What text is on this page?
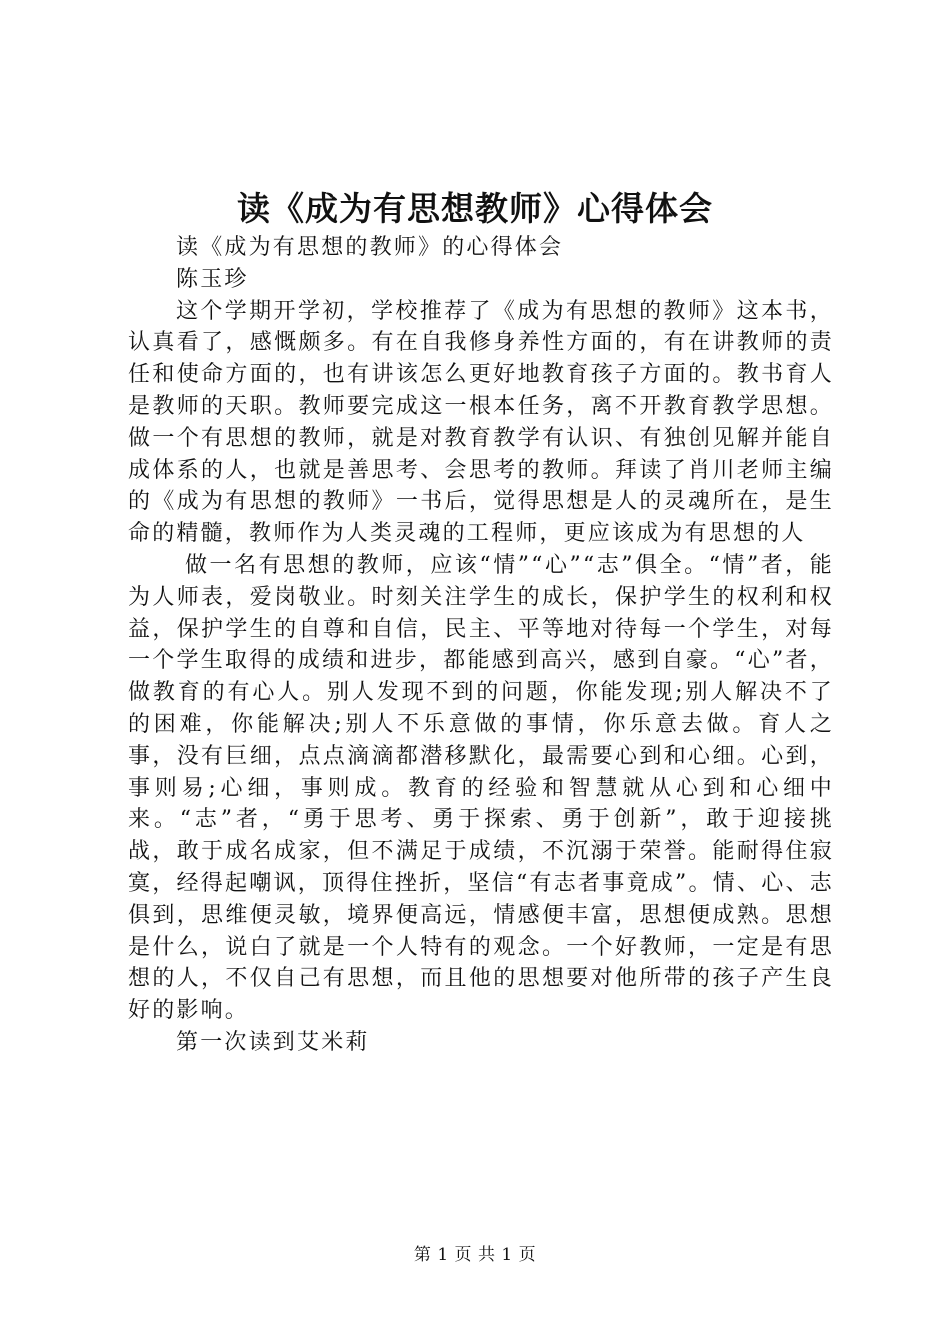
读《成为有思想教师》心得体会

读《成为有思想的教师》的心得体会

陈玉珍

这个学期开学初，学校推荐了《成为有思想的教师》这本书，认真看了，感慨颇多。有在自我修身养性方面的，有在讲教师的责任和使命方面的，也有讲该怎么更好地教育孩子方面的。教书育人是教师的天职。教师要完成这一根本任务，离不开教育教学思想。做一个有思想的教师，就是对教育教学有认识、有独创见解并能自成体系的人，也就是善思考、会思考的教师。拜读了肖川老师主编的《成为有思想的教师》一书后，觉得思想是人的灵魂所在，是生命的精髓，教师作为人类灵魂的工程师，更应该成为有思想的人

做一名有思想的教师，应该“情”“心”“志”俱全。“情”者，能为人师表，爱岗敬业。时刻关注学生的成长，保护学生的权利和权益，保护学生的自尊和自信，民主、平等地对待每一个学生，对每一个学生取得的成绩和进步，都能感到高兴，感到自豪。“心”者，做教育的有心人。别人发现不到的问题，你能发现;别人解决不了的困难，你能解决;别人不乐意做的事情，你乐意去做。育人之事，没有巨细，点点滴滴都潜移默化，最需要心到和心细。心到，事则易;心细，事则成。教育的经验和智慧就从心到和心细中来。“志”者，“勇于思考、勇于探索、勇于创新”，敢于迎接挑战，敢于成名成家，但不满足于成绩，不沉溺于荣誉。能耐得住寂寞，经得起嘲讽，顶得住挫折，坚信“有志者事竟成”。情、心、志俱到，思维便灵敏，境界便高远，情感便丰富，思想便成熟。思想是什么，说白了就是一个人特有的观念。一个好教师，一定是有思想的人，不仅自己有思想，而且他的思想要对他所带的孩子产生良好的影响。

第一次读到艾米莉

第 1 页 共 1 页
